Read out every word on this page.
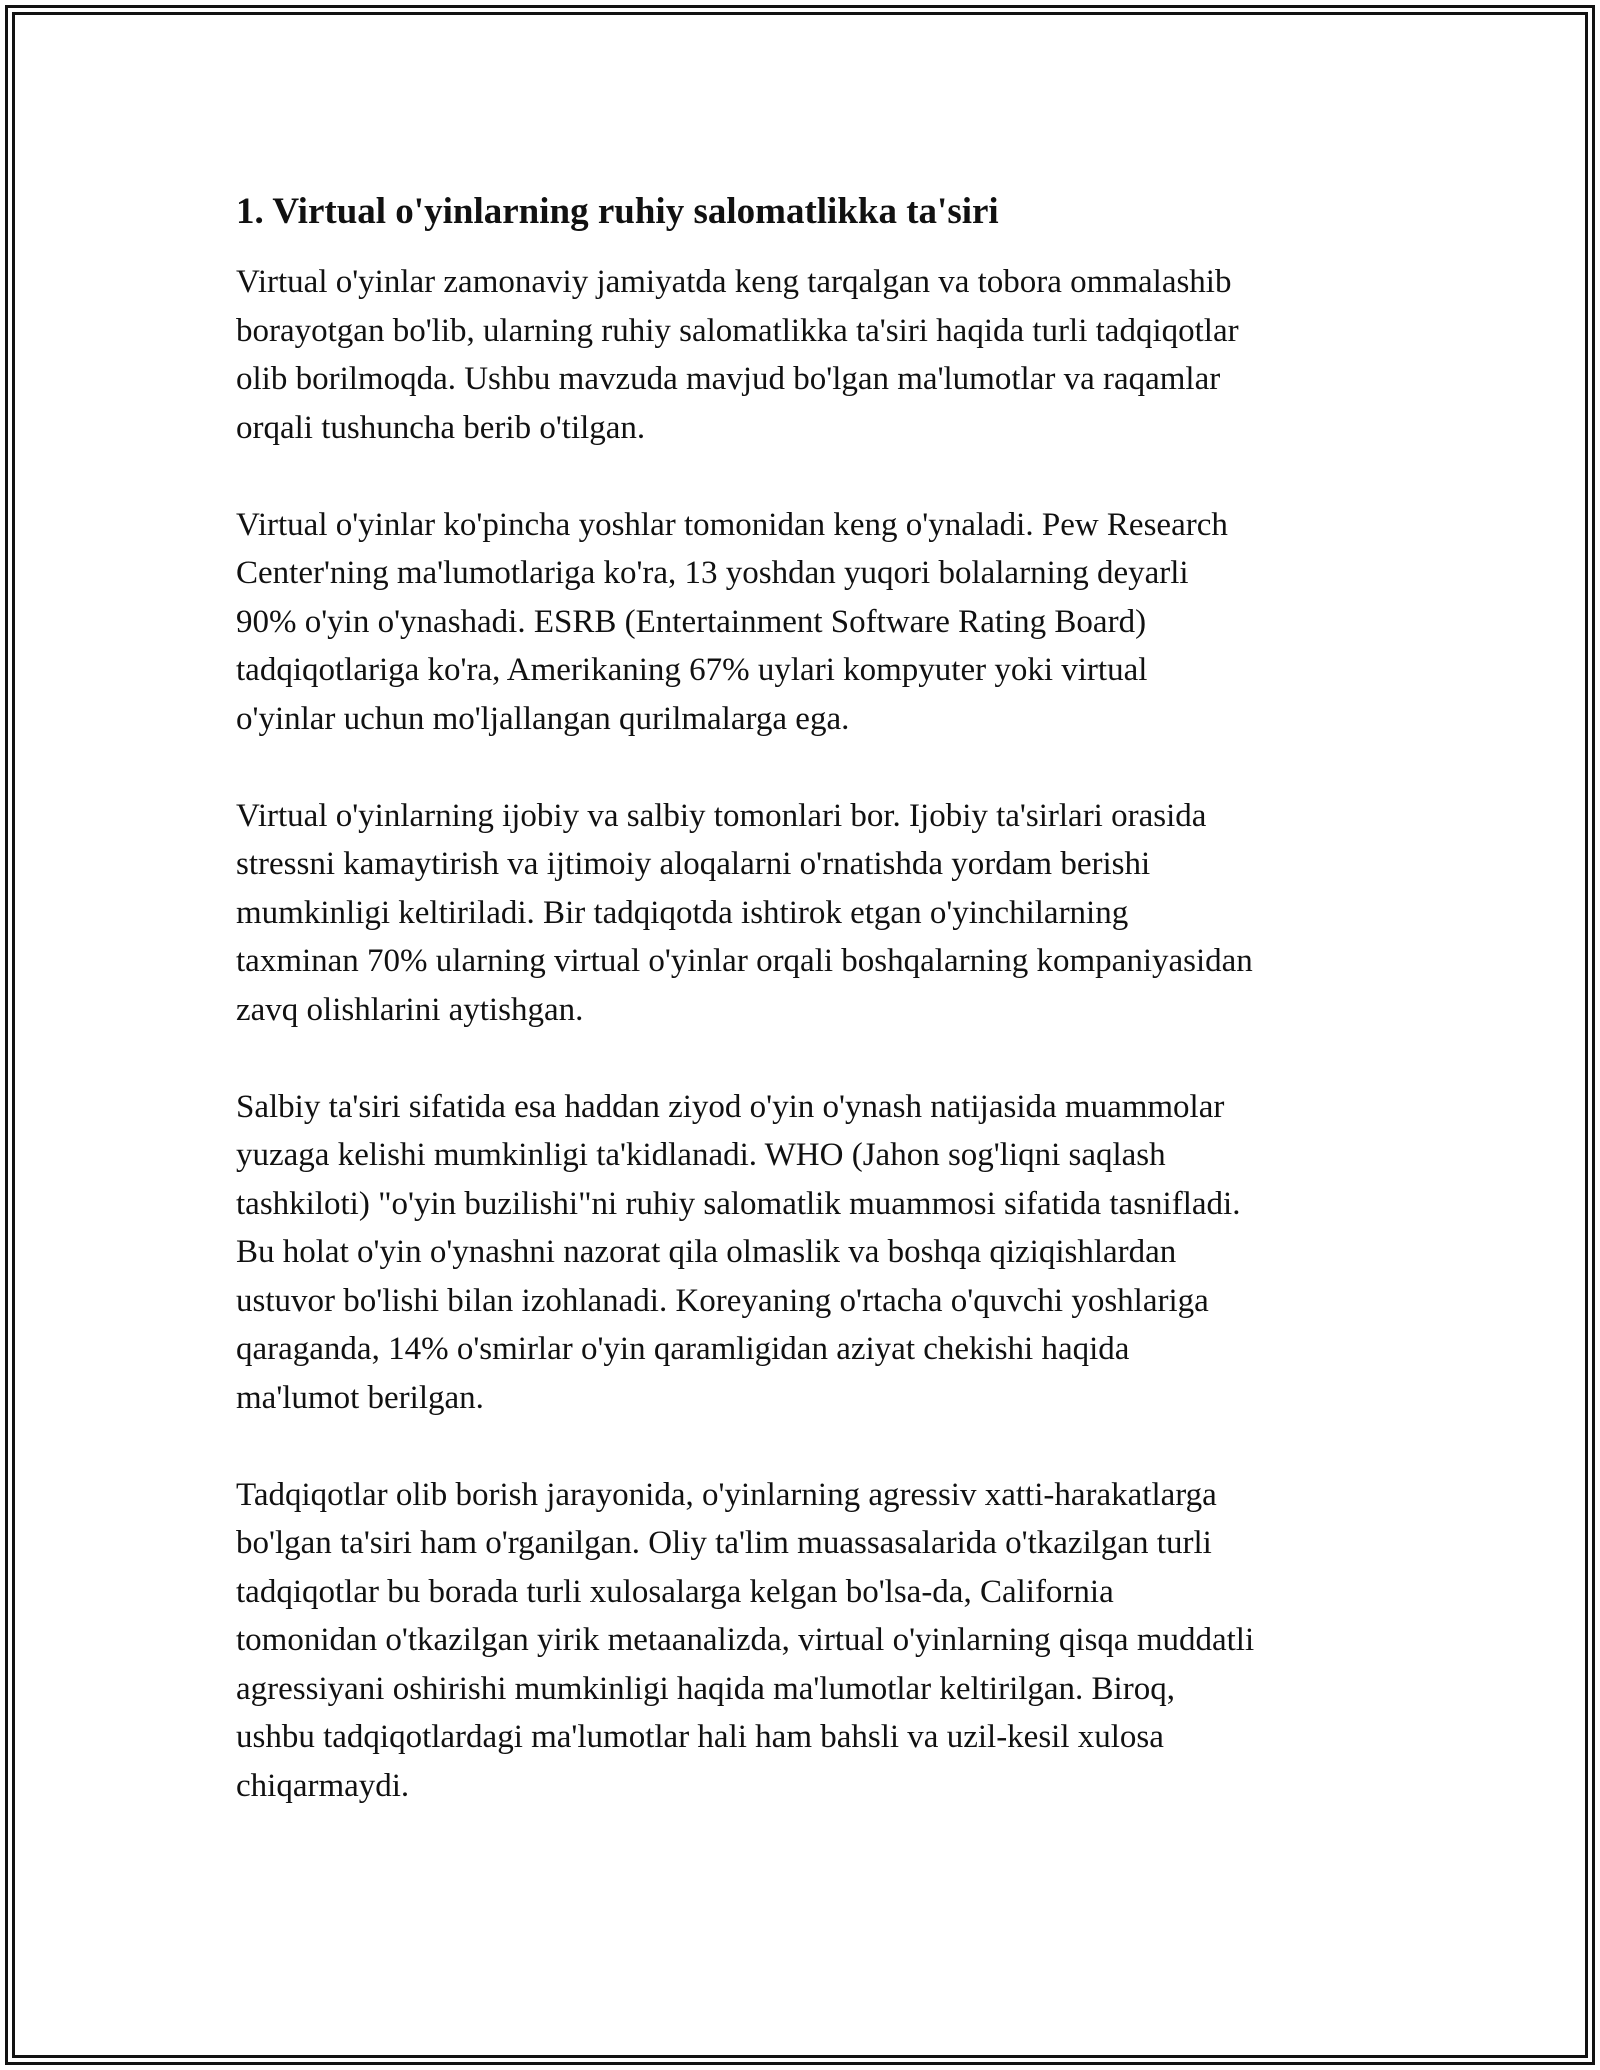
1. Virtual o'yinlarning ruhiy salomatlikka ta'siri

Virtual o'yinlar zamonaviy jamiyatda keng tarqalgan va tobora ommalashib
borayotgan bo'lib, ularning ruhiy salomatlikka ta'siri haqida turli tadqiqotlar
olib borilmoqda. Ushbu mavzuda mavjud bo'lgan ma'lumotlar va raqamlar
orqali tushuncha berib o'tilgan.

Virtual o'yinlar ko'pincha yoshlar tomonidan keng o'ynaladi. Pew Research
Center'ning ma'lumotlariga ko'ra, 13 yoshdan yuqori bolalarning deyarli
90% o'yin o'ynashadi. ESRB (Entertainment Software Rating Board)
tadqiqotlariga ko'ra, Amerikaning 67% uylari kompyuter yoki virtual
o'yinlar uchun mo'ljallangan qurilmalarga ega.

Virtual o'yinlarning ijobiy va salbiy tomonlari bor. Ijobiy ta'sirlari orasida
stressni kamaytirish va ijtimoiy aloqalarni o'rnatishda yordam berishi
mumkinligi keltiriladi. Bir tadqiqotda ishtirok etgan o'yinchilarning
taxminan 70% ularning virtual o'yinlar orqali boshqalarning kompaniyasidan
zavq olishlarini aytishgan.

Salbiy ta'siri sifatida esa haddan ziyod o'yin o'ynash natijasida muammolar
yuzaga kelishi mumkinligi ta'kidlanadi. WHO (Jahon sog'liqni saqlash
tashkiloti) "o'yin buzilishi"ni ruhiy salomatlik muammosi sifatida tasnifladi.
Bu holat o'yin o'ynashni nazorat qila olmaslik va boshqa qiziqishlardan
ustuvor bo'lishi bilan izohlanadi. Koreyaning o'rtacha o'quvchi yoshlariga
qaraganda, 14% o'smirlar o'yin qaramligidan aziyat chekishi haqida
ma'lumot berilgan.

Tadqiqotlar olib borish jarayonida, o'yinlarning agressiv xatti-harakatlarga
bo'lgan ta'siri ham o'rganilgan. Oliy ta'lim muassasalarida o'tkazilgan turli
tadqiqotlar bu borada turli xulosalarga kelgan bo'lsa-da, California
tomonidan o'tkazilgan yirik metaanalizda, virtual o'yinlarning qisqa muddatli
agressiyani oshirishi mumkinligi haqida ma'lumotlar keltirilgan. Biroq,
ushbu tadqiqotlardagi ma'lumotlar hali ham bahsli va uzil-kesil xulosa
chiqarmaydi.
